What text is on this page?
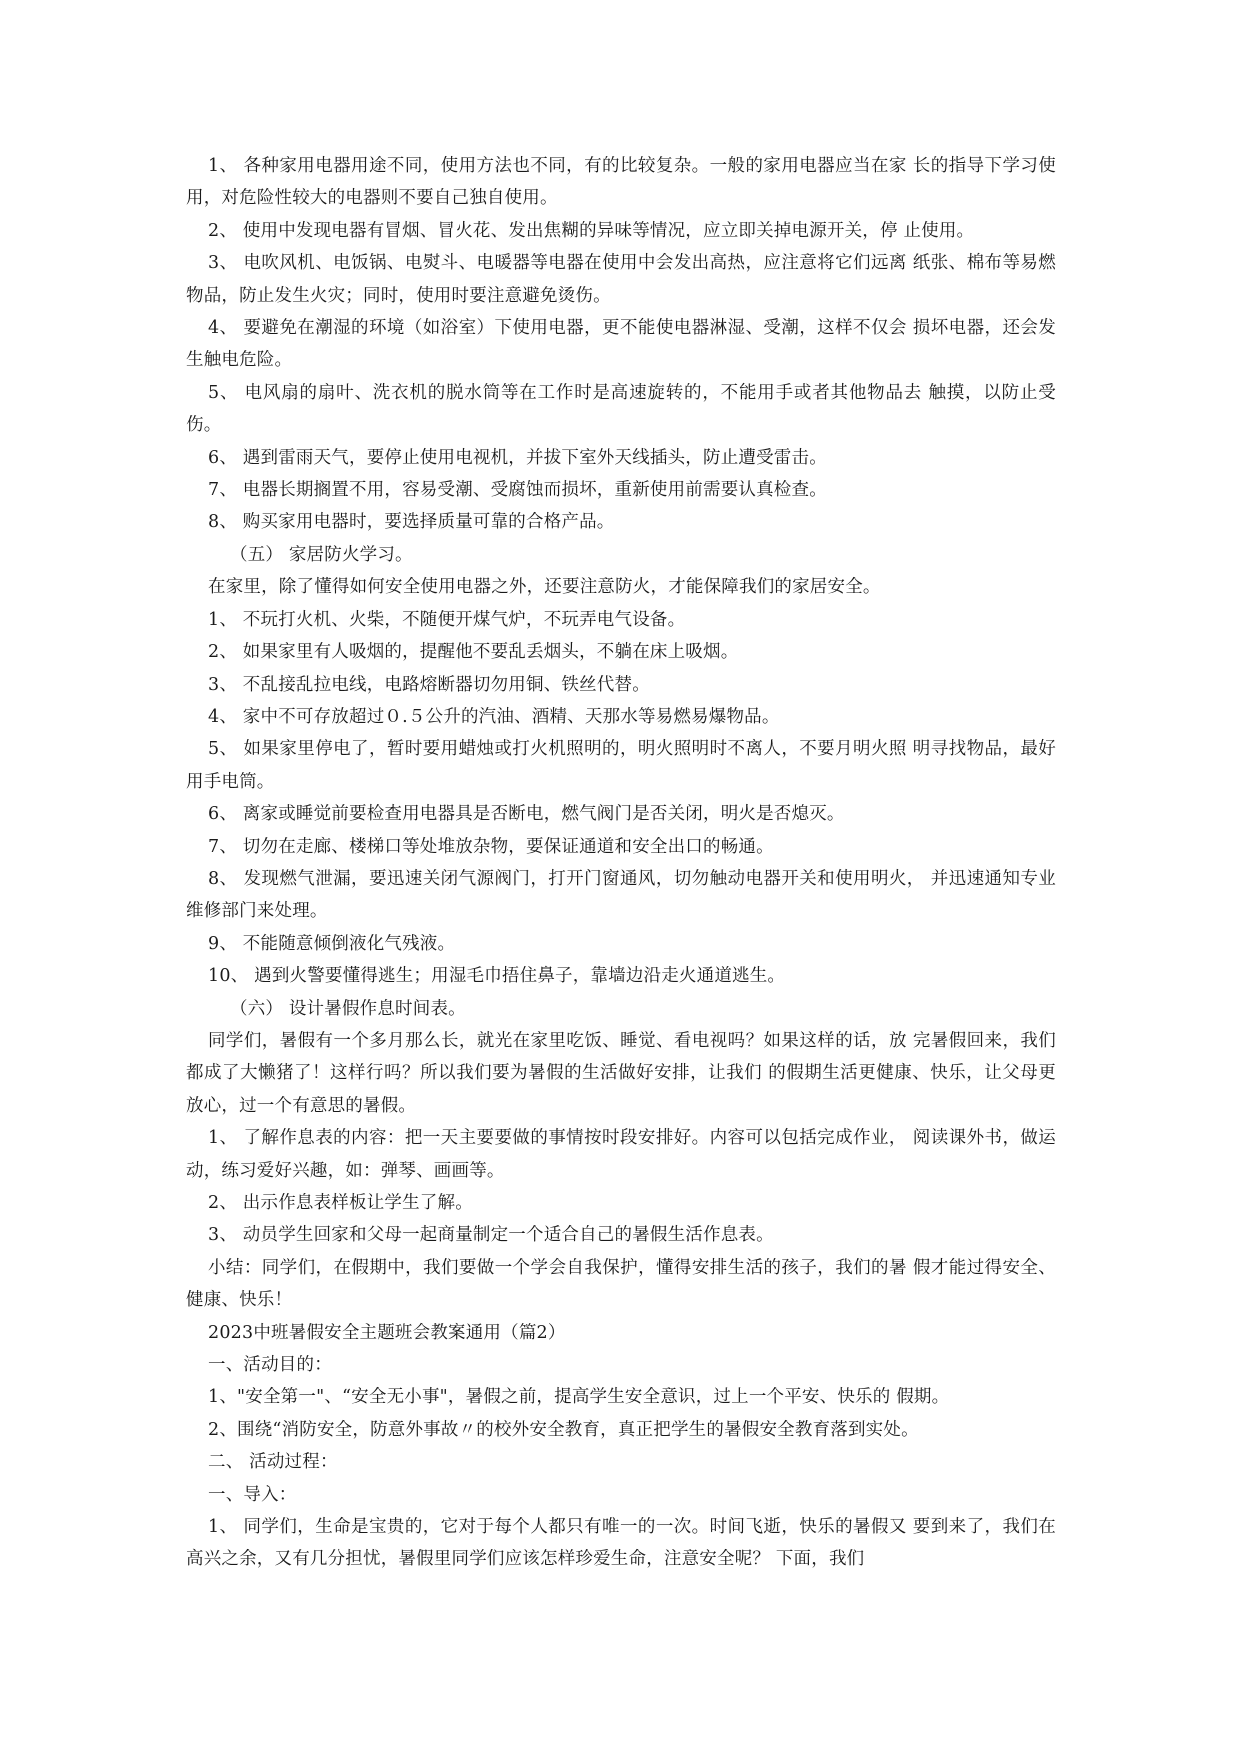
1、 各种家用电器用途不同，使用方法也不同，有的比较复杂。一般的家用电器应当在家 长的指导下学习使用，对危险性较大的电器则不要自己独自使用。

2、 使用中发现电器有冒烟、冒火花、发出焦糊的异味等情况，应立即关掉电源开关，停 止使用。

3、 电吹风机、电饭锅、电熨斗、电暖器等电器在使用中会发出高热，应注意将它们远离 纸张、棉布等易燃物品，防止发生火灾；同时，使用时要注意避免烫伤。

4、 要避免在潮湿的环境（如浴室）下使用电器，更不能使电器淋湿、受潮，这样不仅会 损坏电器，还会发生触电危险。

5、 电风扇的扇叶、洗衣机的脱水筒等在工作时是高速旋转的，不能用手或者其他物品去 触摸，以防止受伤。

6、 遇到雷雨天气，要停止使用电视机，并拔下室外天线插头，防止遭受雷击。

7、 电器长期搁置不用，容易受潮、受腐蚀而损坏，重新使用前需要认真检查。

8、 购买家用电器时，要选择质量可靠的合格产品。

（五） 家居防火学习。

在家里，除了懂得如何安全使用电器之外，还要注意防火，才能保障我们的家居安全。

1、 不玩打火机、火柴，不随便开煤气炉，不玩弄电气设备。

2、 如果家里有人吸烟的，提醒他不要乱丢烟头，不躺在床上吸烟。

3、 不乱接乱拉电线，电路熔断器切勿用铜、铁丝代替。

4、 家中不可存放超过０.５公升的汽油、酒精、天那水等易燃易爆物品。

5、 如果家里停电了，暂时要用蜡烛或打火机照明的，明火照明时不离人，不要月明火照 明寻找物品，最好用手电筒。

6、 离家或睡觉前要检查用电器具是否断电，燃气阀门是否关闭，明火是否熄灭。

7、 切勿在走廊、楼梯口等处堆放杂物，要保证通道和安全出口的畅通。

8、 发现燃气泄漏，要迅速关闭气源阀门，打开门窗通风，切勿触动电器开关和使用明火， 并迅速通知专业维修部门来处理。

9、 不能随意倾倒液化气残液。

10、 遇到火警要懂得逃生；用湿毛巾捂住鼻子，靠墙边沿走火通道逃生。

（六） 设计暑假作息时间表。

同学们，暑假有一个多月那么长，就光在家里吃饭、睡觉、看电视吗？如果这样的话，放 完暑假回来，我们都成了大懒猪了！这样行吗？所以我们要为暑假的生活做好安排，让我们 的假期生活更健康、快乐，让父母更放心，过一个有意思的暑假。

1、 了解作息表的内容：把一天主要要做的事情按时段安排好。内容可以包括完成作业， 阅读课外书，做运动，练习爱好兴趣，如：弹琴、画画等。

2、 出示作息表样板让学生了解。

3、 动员学生回家和父母一起商量制定一个适合自己的暑假生活作息表。

小结：同学们，在假期中，我们要做一个学会自我保护，懂得安排生活的孩子，我们的暑 假才能过得安全、健康、快乐！

2023中班暑假安全主题班会教案通用（篇2）

一、活动目的：

1、"安全第一"、“安全无小事"，暑假之前，提高学生安全意识，过上一个平安、快乐的 假期。

2、围绕“消防安全，防意外事故〃的校外安全教育，真正把学生的暑假安全教育落到实处。

二、 活动过程：

一、导入：

1、 同学们，生命是宝贵的，它对于每个人都只有唯一的一次。时间飞逝，快乐的暑假又 要到来了，我们在高兴之余，又有几分担忧，暑假里同学们应该怎样珍爱生命，注意安全呢？ 下面，我们
